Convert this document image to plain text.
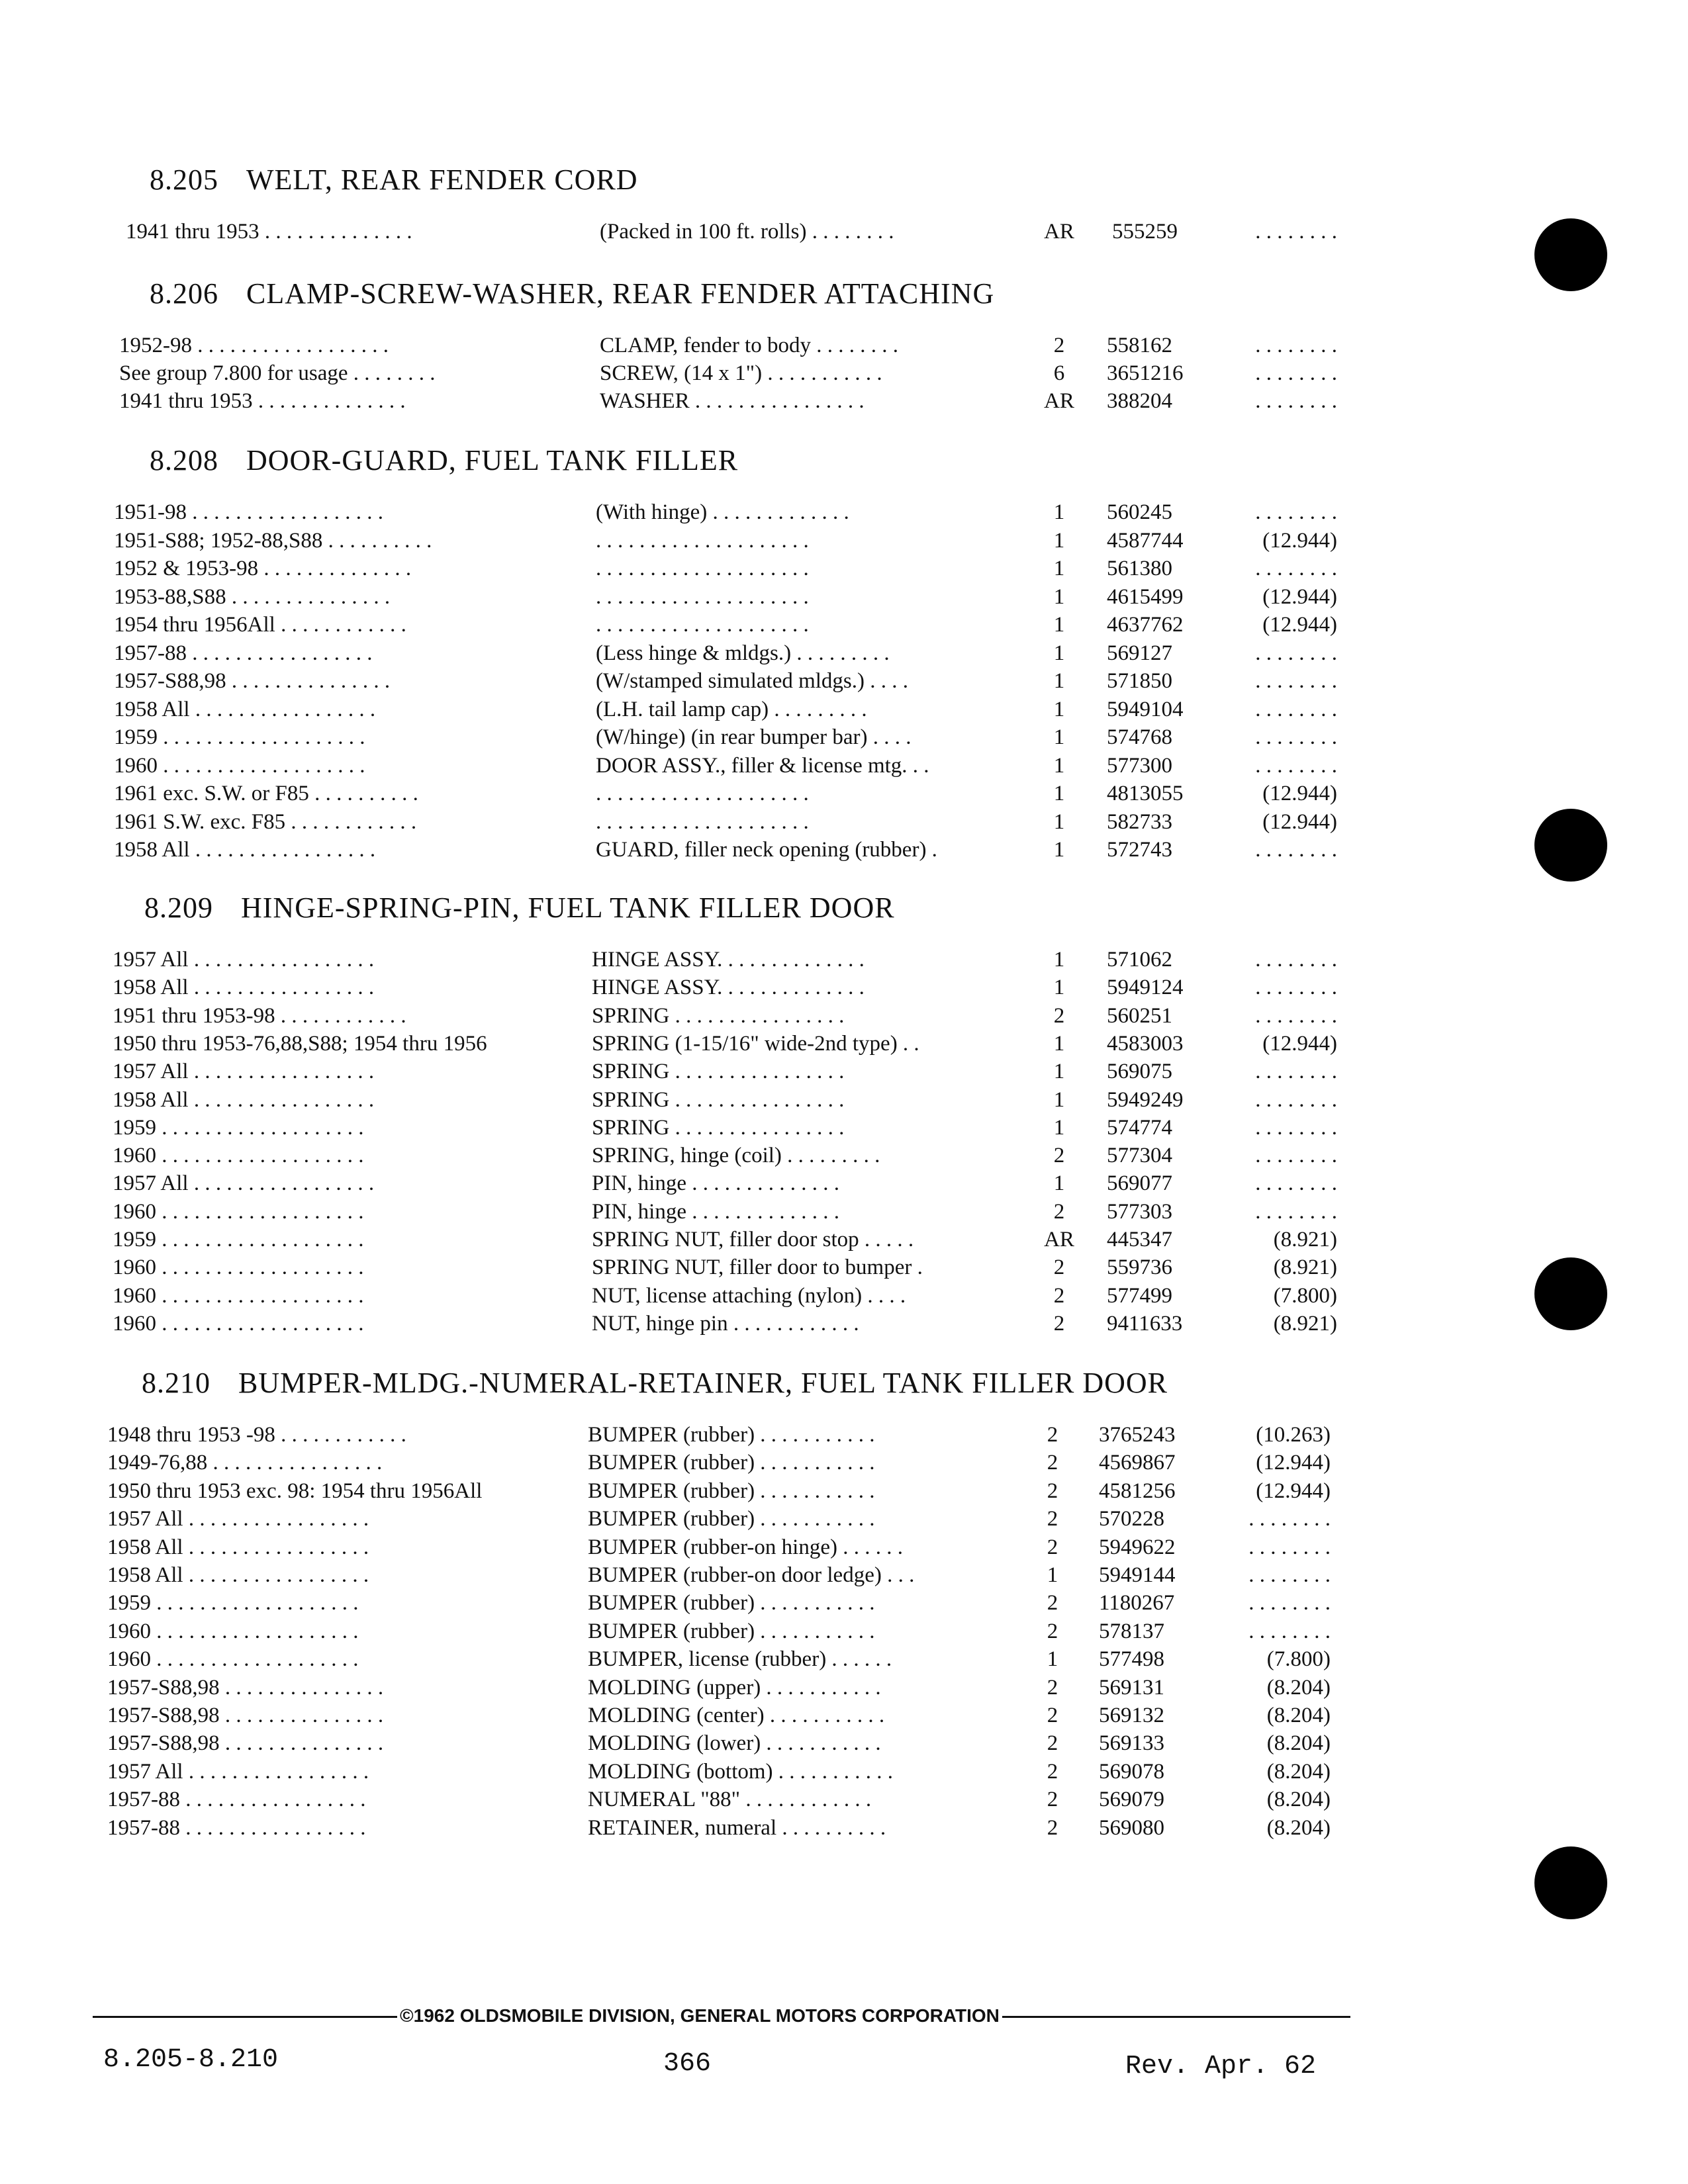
8.205 WELT, REAR FENDER CORD
8.206 CLAMP-SCREW-WASHER, REAR FENDER ATTACHING
8.208 DOOR-GUARD, FUEL TANK FILLER
8.209 HINGE-SPRING-PIN, FUEL TANK FILLER DOOR
8.210 BUMPER-MLDG.-NUMERAL-RETAINER, FUEL TANK FILLER DOOR
1941 thru 1953 . . . . . . . . . . . . . .	(Packed in 100 ft. rolls) . . . . . . . .	AR 555259	. . . . . . . .
1952-98 . . . . . . . . . . . . . . . . . .	CLAMP, fender to body . . . . . . . .	2	558162	. . . . . . . .
See group 7.800 for usage . . . . . . . .	SCREW, (14 x 1") . . . . . . . . . . .	6	3651216	. . . . . . . .
1941 thru 1953 . . . . . . . . . . . . . .	WASHER . . . . . . . . . . . . . . . .	AR 388204	. . . . . . . .
1951-98 . . . . . . . . . . . . . . . . . .	(With hinge) . . . . . . . . . . . . .	1	560245	. . . . . . . .
1951-S88; 1952-88,S88 . . . . . . . . . .	. . . . . . . . . . . . . . . . . . . .	1	4587744	(12.944)
1952 & 1953-98 . . . . . . . . . . . . . .	. . . . . . . . . . . . . . . . . . . .	1	561380	. . . . . . . .
1953-88,S88 . . . . . . . . . . . . . . .	. . . . . . . . . . . . . . . . . . . .	1	4615499	(12.944)
1954 thru 1956All . . . . . . . . . . . .	. . . . . . . . . . . . . . . . . . . .	1	4637762	(12.944)
1957-88 . . . . . . . . . . . . . . . . .	(Less hinge & mldgs.) . . . . . . . . .	1	569127	. . . . . . . .
1957-S88,98 . . . . . . . . . . . . . . .	(W/stamped simulated mldgs.) . . . .	1	571850	. . . . . . . .
1958 All . . . . . . . . . . . . . . . . .	(L.H. tail lamp cap) . . . . . . . . .	1	5949104	. . . . . . . .
1959 . . . . . . . . . . . . . . . . . . .	(W/hinge) (in rear bumper bar) . . . .	1	574768	. . . . . . . .
1960 . . . . . . . . . . . . . . . . . . .	DOOR ASSY., filler & license mtg. . .	1	577300	. . . . . . . .
1961 exc. S.W. or F85 . . . . . . . . . .	. . . . . . . . . . . . . . . . . . . .	1	4813055	(12.944)
1961 S.W. exc. F85 . . . . . . . . . . . .	. . . . . . . . . . . . . . . . . . . .	1	582733	(12.944)
1958 All . . . . . . . . . . . . . . . . .	GUARD, filler neck opening (rubber) .	1	572743	. . . . . . . .
1957 All . . . . . . . . . . . . . . . . .	HINGE ASSY. . . . . . . . . . . . . .	1	571062	. . . . . . . .
1958 All . . . . . . . . . . . . . . . . .	HINGE ASSY. . . . . . . . . . . . . .	1	5949124	. . . . . . . .
1951 thru 1953-98 . . . . . . . . . . . .	SPRING . . . . . . . . . . . . . . . .	2	560251	. . . . . . . .
1950 thru 1953-76,88,S88; 1954 thru 1956	SPRING (1-15/16" wide-2nd type) . .	1	4583003	(12.944)
1957 All . . . . . . . . . . . . . . . . .	SPRING . . . . . . . . . . . . . . . .	1	569075	. . . . . . . .
1958 All . . . . . . . . . . . . . . . . .	SPRING . . . . . . . . . . . . . . . .	1	5949249	. . . . . . . .
1959 . . . . . . . . . . . . . . . . . . .	SPRING . . . . . . . . . . . . . . . .	1	574774	. . . . . . . .
1960 . . . . . . . . . . . . . . . . . . .	SPRING, hinge (coil) . . . . . . . . .	2	577304	. . . . . . . .
1957 All . . . . . . . . . . . . . . . . .	PIN, hinge . . . . . . . . . . . . . .	1	569077	. . . . . . . .
1960 . . . . . . . . . . . . . . . . . . .	PIN, hinge . . . . . . . . . . . . . .	2	577303	. . . . . . . .
1959 . . . . . . . . . . . . . . . . . . .	SPRING NUT, filler door stop . . . . .	AR 445347	(8.921)
1960 . . . . . . . . . . . . . . . . . . .	SPRING NUT, filler door to bumper .	2	559736	(8.921)
1960 . . . . . . . . . . . . . . . . . . .	NUT, license attaching (nylon) . . . .	2	577499	(7.800)
1960 . . . . . . . . . . . . . . . . . . .	NUT, hinge pin . . . . . . . . . . . .	2	9411633	(8.921)
1948 thru 1953 -98 . . . . . . . . . . . .	BUMPER (rubber) . . . . . . . . . . .	2	3765243	(10.263)
1949-76,88 . . . . . . . . . . . . . . . .	BUMPER (rubber) . . . . . . . . . . .	2	4569867	(12.944)
1950 thru 1953 exc. 98: 1954 thru 1956All	BUMPER (rubber) . . . . . . . . . . .	2	4581256	(12.944)
1957 All . . . . . . . . . . . . . . . . .	BUMPER (rubber) . . . . . . . . . . .	2	570228	. . . . . . . .
1958 All . . . . . . . . . . . . . . . . .	BUMPER (rubber-on hinge) . . . . . .	2	5949622	. . . . . . . .
1958 All . . . . . . . . . . . . . . . . .	BUMPER (rubber-on door ledge) . . .	1	5949144	. . . . . . . .
1959 . . . . . . . . . . . . . . . . . . .	BUMPER (rubber) . . . . . . . . . . .	2	1180267	. . . . . . . .
1960 . . . . . . . . . . . . . . . . . . .	BUMPER (rubber) . . . . . . . . . . .	2	578137	. . . . . . . .
1960 . . . . . . . . . . . . . . . . . . .	BUMPER, license (rubber) . . . . . .	1	577498	(7.800)
1957-S88,98 . . . . . . . . . . . . . . .	MOLDING (upper) . . . . . . . . . . .	2	569131	(8.204)
1957-S88,98 . . . . . . . . . . . . . . .	MOLDING (center) . . . . . . . . . . .	2	569132	(8.204)
1957-S88,98 . . . . . . . . . . . . . . .	MOLDING (lower) . . . . . . . . . . .	2	569133	(8.204)
1957 All . . . . . . . . . . . . . . . . .	MOLDING (bottom) . . . . . . . . . . .	2	569078	(8.204)
1957-88 . . . . . . . . . . . . . . . . .	NUMERAL "88" . . . . . . . . . . . .	2	569079	(8.204)
1957-88 . . . . . . . . . . . . . . . . .	RETAINER, numeral . . . . . . . . . .	2	569080	(8.204)
©1962 OLDSMOBILE DIVISION, GENERAL MOTORS CORPORATION
8.205-8.210	366	Rev. Apr. 62
